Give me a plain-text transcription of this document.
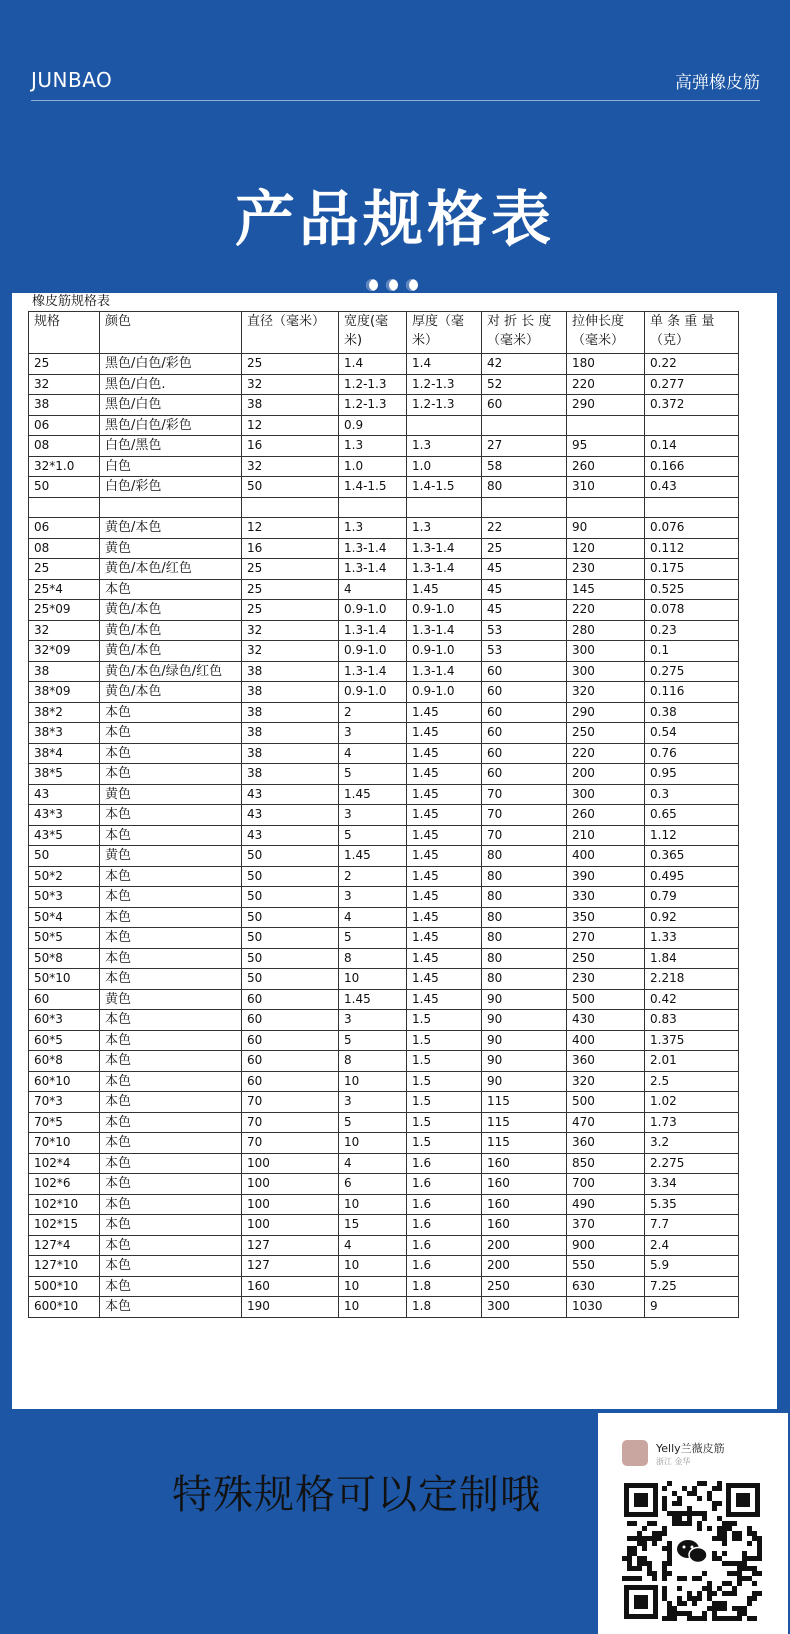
JUNBAO	高弹橡皮筋
产品规格表
橡皮筋规格表
规格	颜色	直径（毫米）	宽度(毫 米)	厚度（毫 米）	对 折 长 度 （毫米）	拉伸长度 （毫米）	单 条 重 量 （克）
25	黑色/白色/彩色	25	1.4	1.4	42	180	0.22
32	黑色/白色.	32	1.2-1.3	1.2-1.3	52	220	0.277
38	黑色/白色	38	1.2-1.3	1.2-1.3	60	290	0.372
06	黑色/白色/彩色	12	0.9				
08	白色/黑色	16	1.3	1.3	27	95	0.14
32*1.0	白色	32	1.0	1.0	58	260	0.166
50	白色/彩色	50	1.4-1.5	1.4-1.5	80	310	0.43

06	黄色/本色	12	1.3	1.3	22	90	0.076
08	黄色	16	1.3-1.4	1.3-1.4	25	120	0.112
25	黄色/本色/红色	25	1.3-1.4	1.3-1.4	45	230	0.175
25*4	本色	25	4	1.45	45	145	0.525
25*09	黄色/本色	25	0.9-1.0	0.9-1.0	45	220	0.078
32	黄色/本色	32	1.3-1.4	1.3-1.4	53	280	0.23
32*09	黄色/本色	32	0.9-1.0	0.9-1.0	53	300	0.1
38	黄色/本色/绿色/红色	38	1.3-1.4	1.3-1.4	60	300	0.275
38*09	黄色/本色	38	0.9-1.0	0.9-1.0	60	320	0.116
38*2	本色	38	2	1.45	60	290	0.38
38*3	本色	38	3	1.45	60	250	0.54
38*4	本色	38	4	1.45	60	220	0.76
38*5	本色	38	5	1.45	60	200	0.95
43	黄色	43	1.45	1.45	70	300	0.3
43*3	本色	43	3	1.45	70	260	0.65
43*5	本色	43	5	1.45	70	210	1.12
50	黄色	50	1.45	1.45	80	400	0.365
50*2	本色	50	2	1.45	80	390	0.495
50*3	本色	50	3	1.45	80	330	0.79
50*4	本色	50	4	1.45	80	350	0.92
50*5	本色	50	5	1.45	80	270	1.33
50*8	本色	50	8	1.45	80	250	1.84
50*10	本色	50	10	1.45	80	230	2.218
60	黄色	60	1.45	1.45	90	500	0.42
60*3	本色	60	3	1.5	90	430	0.83
60*5	本色	60	5	1.5	90	400	1.375
60*8	本色	60	8	1.5	90	360	2.01
60*10	本色	60	10	1.5	90	320	2.5
70*3	本色	70	3	1.5	115	500	1.02
70*5	本色	70	5	1.5	115	470	1.73
70*10	本色	70	10	1.5	115	360	3.2
102*4	本色	100	4	1.6	160	850	2.275
102*6	本色	100	6	1.6	160	700	3.34
102*10	本色	100	10	1.6	160	490	5.35
102*15	本色	100	15	1.6	160	370	7.7
127*4	本色	127	4	1.6	200	900	2.4
127*10	本色	127	10	1.6	200	550	5.9
500*10	本色	160	10	1.8	250	630	7.25
600*10	本色	190	10	1.8	300	1030	9
特殊规格可以定制哦
Yelly兰薇皮筋
浙江 金华
